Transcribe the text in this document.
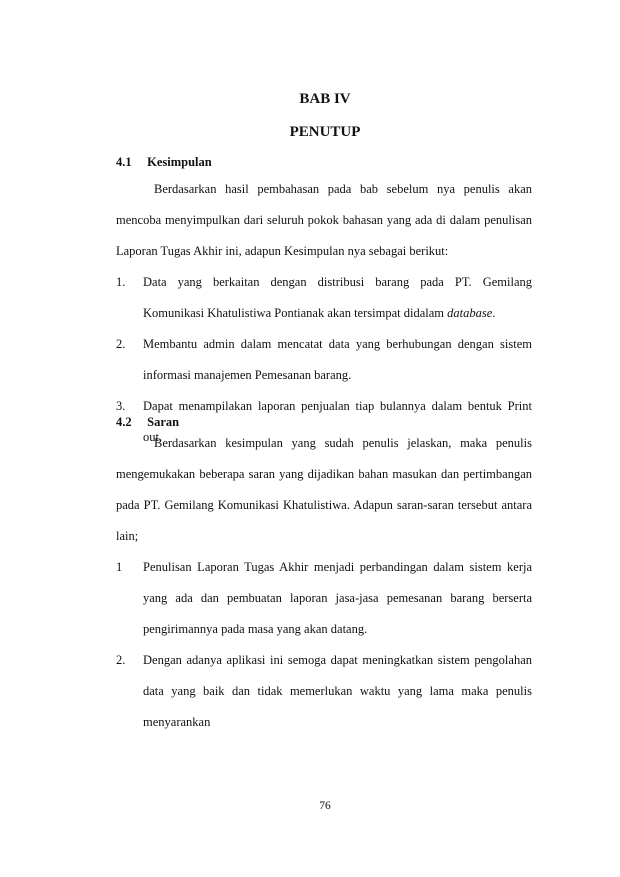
BAB IV
PENUTUP
4.1 Kesimpulan

Berdasarkan hasil pembahasan pada bab sebelum nya penulis akan mencoba menyimpulkan dari seluruh pokok bahasan yang ada di dalam penulisan Laporan Tugas Akhir ini, adapun Kesimpulan nya sebagai berikut:

1. Data yang berkaitan dengan distribusi barang pada PT. Gemilang Komunikasi Khatulistiwa Pontianak akan tersimpat didalam database.
2. Membantu admin dalam mencatat data yang berhubungan dengan sistem informasi manajemen Pemesanan barang.
3. Dapat menampilakan laporan penjualan tiap bulannya dalam bentuk Print out.
4.2 Saran

Berdasarkan kesimpulan yang sudah penulis jelaskan, maka penulis mengemukakan beberapa saran yang dijadikan bahan masukan dan pertimbangan pada PT. Gemilang Komunikasi Khatulistiwa. Adapun saran-saran tersebut antara lain;

1 Penulisan Laporan Tugas Akhir menjadi perbandingan dalam sistem kerja yang ada dan pembuatan laporan jasa-jasa pemesanan barang berserta pengirimannya pada masa yang akan datang.
2. Dengan adanya aplikasi ini semoga dapat meningkatkan sistem pengolahan data yang baik dan tidak memerlukan waktu yang lama maka penulis menyarankan
76
